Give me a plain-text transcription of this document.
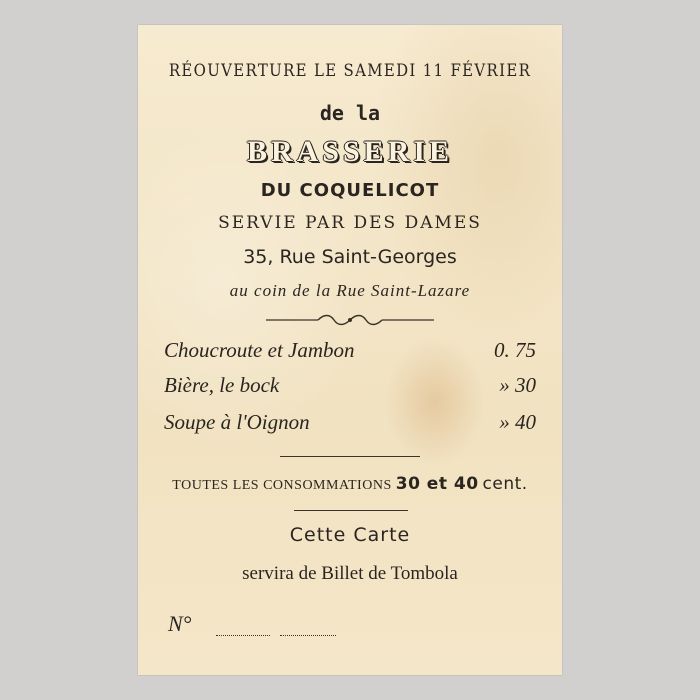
RÉOUVERTURE LE SAMEDI 11 FÉVRIER
de la
BRASSERIE
DU COQUELICOT
SERVIE PAR DES DAMES
35, Rue Saint-Georges
au coin de la Rue Saint-Lazare
Choucroute et Jambon	0. 75
Bière, le bock	» 30
Soupe à l'Oignon	» 40
TOUTES LES CONSOMMATIONS 30 et 40 cent.
Cette Carte
servira de Billet de Tombola
N°
